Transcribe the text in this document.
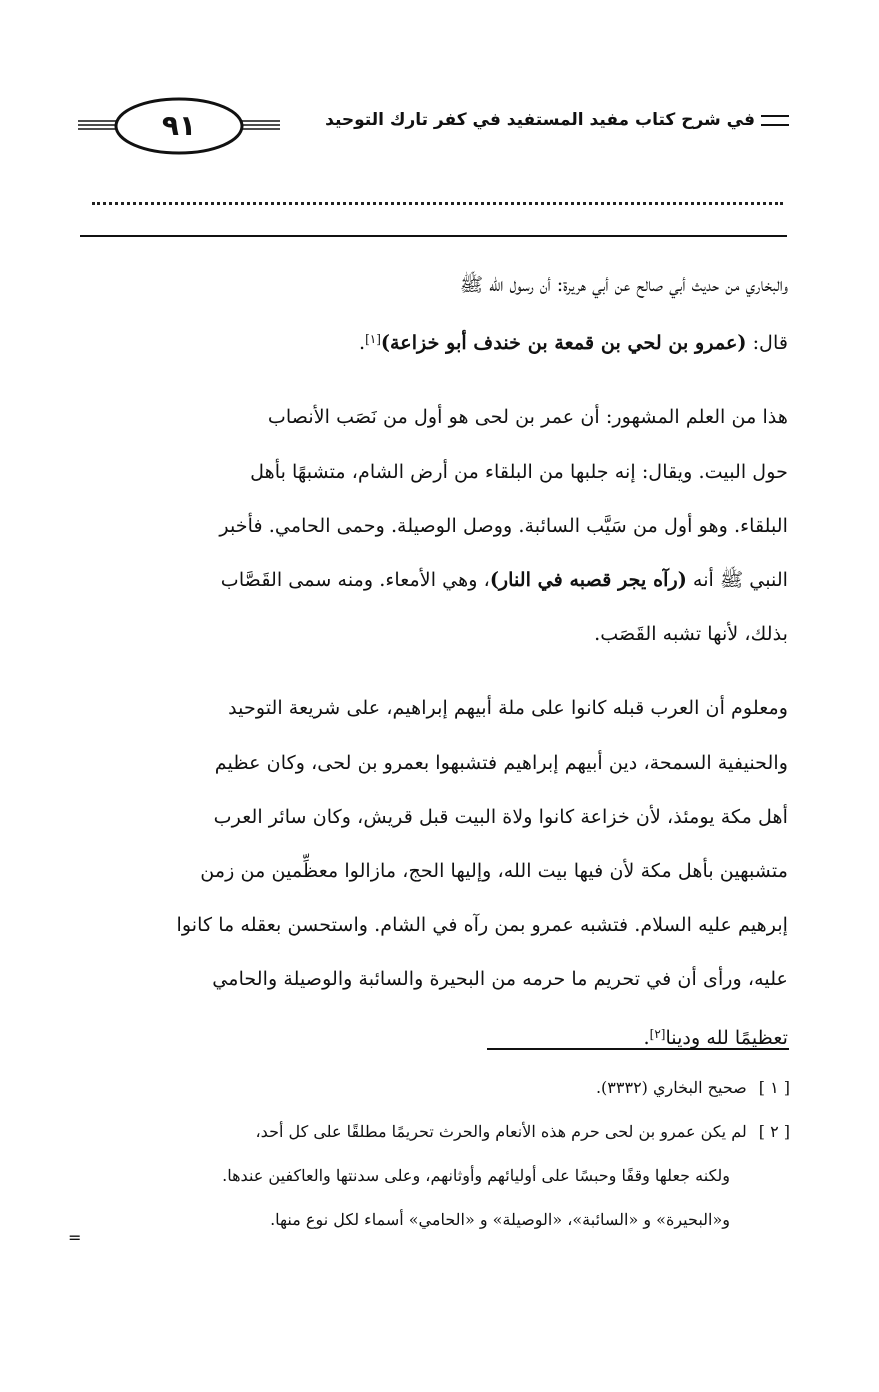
في شرح كتاب مفيد المستفيد في كفر تارك التوحيد
٩١

والبخاري من حديث أبي صالح عن أبي هريرة: أن رسول الله ﷺ

قال: (عمرو بن لحي بن قمعة بن خندف أبو خزاعة)[١].

هذا من العلم المشهور: أن عمر بن لحى هو أول من نَصَب الأنصاب

حول البيت. ويقال: إنه جلبها من البلقاء من أرض الشام، متشبهًا بأهل

البلقاء. وهو أول من سَيَّب السائبة. ووصل الوصيلة. وحمى الحامي. فأخبر

النبي ﷺ أنه (رآه يجر قصبه في النار)، وهي الأمعاء. ومنه سمى القَصَّاب

بذلك، لأنها تشبه القَصَب.

ومعلوم أن العرب قبله كانوا على ملة أبيهم إبراهيم، على شريعة التوحيد

والحنيفية السمحة، دين أبيهم إبراهيم فتشبهوا بعمرو بن لحى، وكان عظيم

أهل مكة يومئذ، لأن خزاعة كانوا ولاة البيت قبل قريش، وكان سائر العرب

متشبهين بأهل مكة لأن فيها بيت الله، وإليها الحج، مازالوا معظِّمين من زمن

إبرهيم عليه السلام. فتشبه عمرو بمن رآه في الشام. واستحسن بعقله ما كانوا

عليه، ورأى أن في تحريم ما حرمه من البحيرة والسائبة والوصيلة والحامي

تعظيمًا لله ودينا[٢].

[ ١ ]صحيح البخاري (٣٣٣٢).
[ ٢ ]لم يكن عمرو بن لحى حرم هذه الأنعام والحرث تحريمًا مطلقًا على كل أحد،
ولكنه جعلها وقفًا وحبسًا على أوليائهم وأوثانهم، وعلى سدنتها والعاكفين عندها.
و«البحيرة» و «السائبة»، «الوصيلة» و «الحامي» أسماء لكل نوع منها.
=
